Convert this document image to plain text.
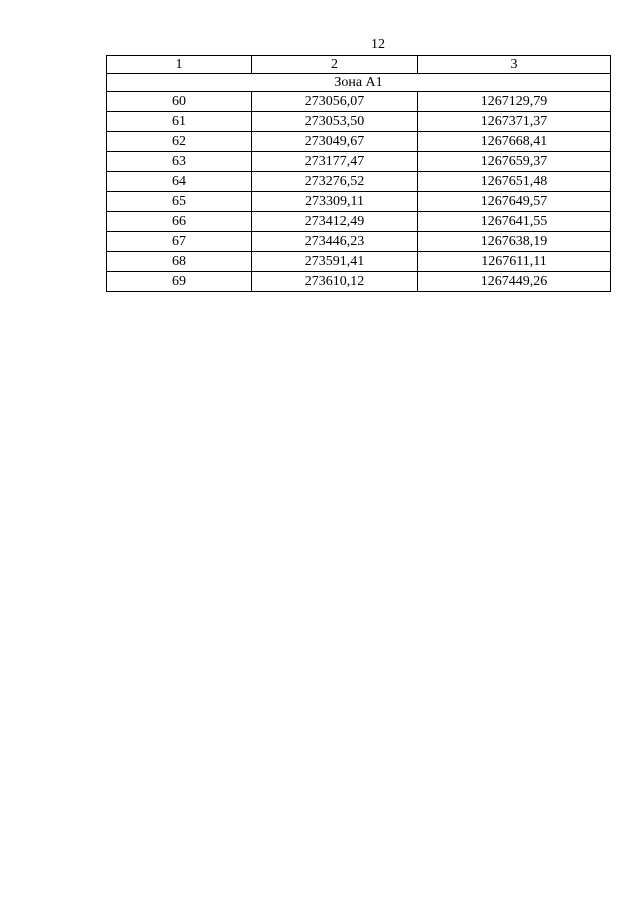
12
1	2	3
Зона А1		
60	273056,07	1267129,79
61	273053,50	1267371,37
62	273049,67	1267668,41
63	273177,47	1267659,37
64	273276,52	1267651,48
65	273309,11	1267649,57
66	273412,49	1267641,55
67	273446,23	1267638,19
68	273591,41	1267611,11
69	273610,12	1267449,26
